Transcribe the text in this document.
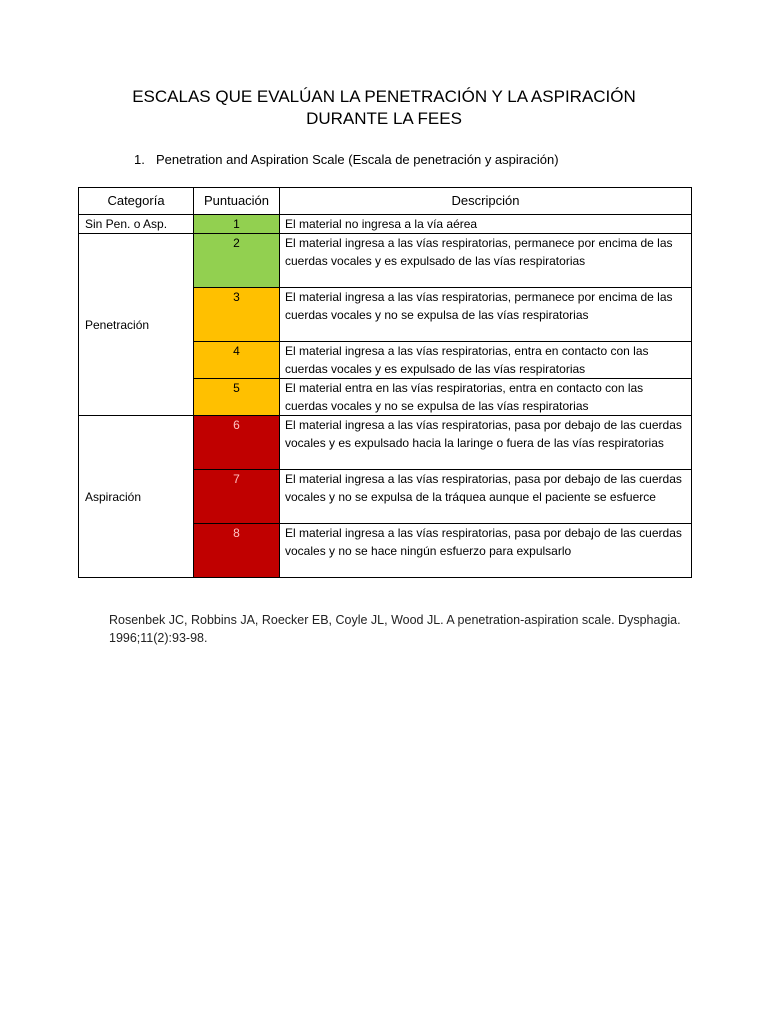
ESCALAS QUE EVALÚAN LA PENETRACIÓN Y LA ASPIRACIÓN
DURANTE LA FEES
1. Penetration and Aspiration Scale (Escala de penetración y aspiración)
Categoría	Puntuación	Descripción
Sin Pen. o Asp.	1	El material no ingresa a la vía aérea
Penetración	2	El material ingresa a las vías respiratorias, permanece por encima de las cuerdas vocales y es expulsado de las vías respiratorias

	3	El material ingresa a las vías respiratorias, permanece por encima de las cuerdas vocales y no se expulsa de las vías respiratorias

	4	El material ingresa a las vías respiratorias, entra en contacto con las cuerdas vocales y es expulsado de las vías respiratorias

	5	El material entra en las vías respiratorias, entra en contacto con las cuerdas vocales y no se expulsa de las vías respiratorias
Aspiración	6	El material ingresa a las vías respiratorias, pasa por debajo de las cuerdas vocales y es expulsado hacia la laringe o fuera de las vías respiratorias

	7	El material ingresa a las vías respiratorias, pasa por debajo de las cuerdas vocales y no se expulsa de la tráquea aunque el paciente se esfuerce

	8	El material ingresa a las vías respiratorias, pasa por debajo de las cuerdas vocales y no se hace ningún esfuerzo para expulsarlo
Rosenbek JC, Robbins JA, Roecker EB, Coyle JL, Wood JL. A penetration-aspiration scale. Dysphagia. 1996;11(2):93-98.
